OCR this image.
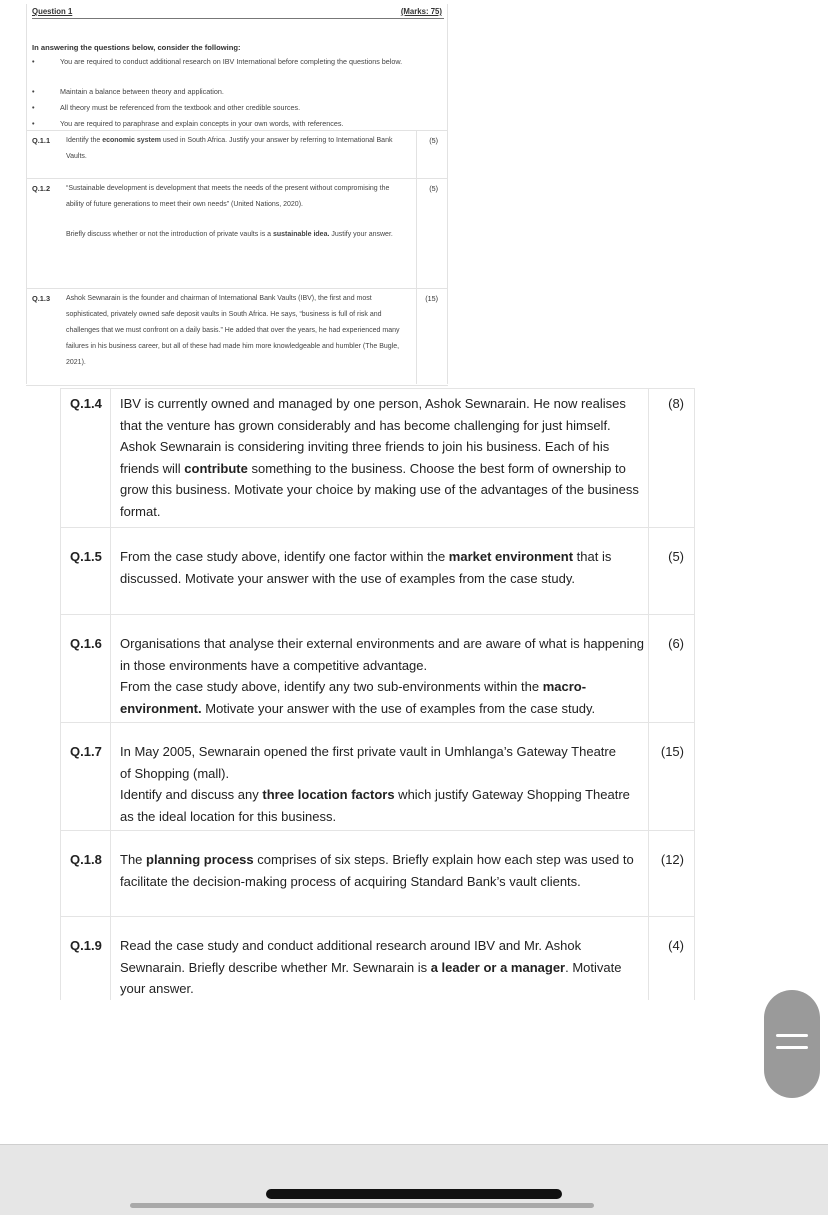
Question 1	(Marks: 75)
In answering the questions below, consider the following:
•	You are required to conduct additional research on IBV International before completing the questions below.
•	Maintain a balance between theory and application.
•	All theory must be referenced from the textbook and other credible sources.
•	You are required to paraphrase and explain concepts in your own words, with references.
Q.1.1 Identify the economic system used in South Africa. Justify your answer by referring to International Bank Vaults.
(5)
Q.1.2 “Sustainable development is development that meets the needs of the present without compromising the ability of future generations to meet their own needs” (United Nations, 2020).
Briefly discuss whether or not the introduction of private vaults is a sustainable idea. Justify your answer.
(5)
Q.1.3 Ashok Sewnarain is the founder and chairman of International Bank Vaults (IBV), the first and most sophisticated, privately owned safe deposit vaults in South Africa. He says, “business is full of risk and challenges that we must confront on a daily basis.” He added that over the years, he had experienced many failures in his business career, but all of these had made him more knowledgeable and humbler (The Bugle, 2021).
(15)
Q.1.4 IBV is currently owned and managed by one person, Ashok Sewnarain. He now realises that the venture has grown considerably and has become challenging for just himself. Ashok Sewnarain is considering inviting three friends to join his business. Each of his friends will contribute something to the business. Choose the best form of ownership to grow this business. Motivate your choice by making use of the advantages of the business format.
(8)
Q.1.5 From the case study above, identify one factor within the market environment that is discussed. Motivate your answer with the use of examples from the case study.
(5)
Q.1.6 Organisations that analyse their external environments and are aware of what is happening in those environments have a competitive advantage.
From the case study above, identify any two sub-environments within the macro-environment. Motivate your answer with the use of examples from the case study.
(6)
Q.1.7 In May 2005, Sewnarain opened the first private vault in Umhlanga’s Gateway Theatre of Shopping (mall).
Identify and discuss any three location factors which justify Gateway Shopping Theatre as the ideal location for this business.
(15)
Q.1.8 The planning process comprises of six steps. Briefly explain how each step was used to facilitate the decision-making process of acquiring Standard Bank’s vault clients.
(12)
Q.1.9 Read the case study and conduct additional research around IBV and Mr. Ashok Sewnarain. Briefly describe whether Mr. Sewnarain is a leader or a manager. Motivate your answer.
(4)
